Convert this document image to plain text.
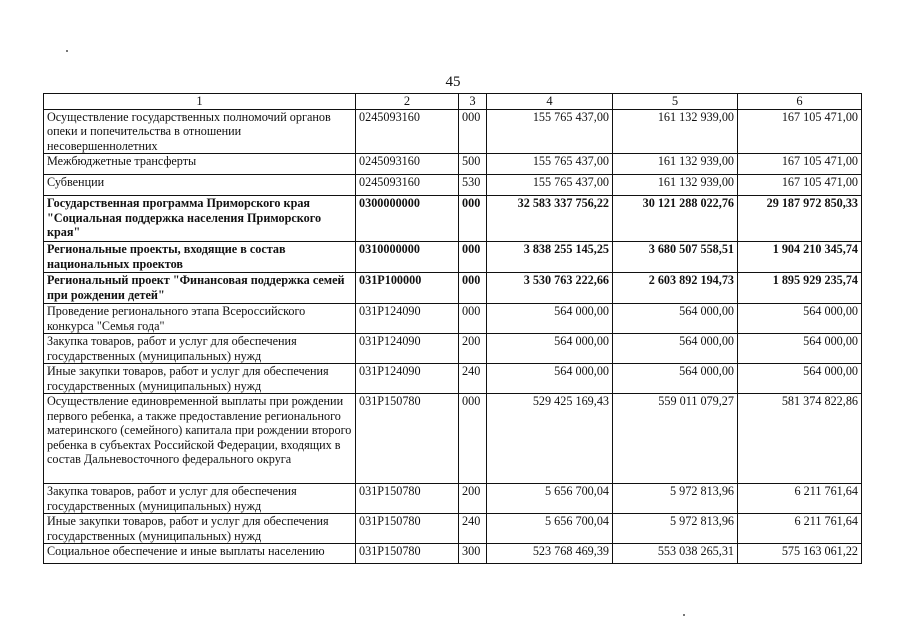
45
1	2	3	4	5	6
Осуществление государственных полномочий органов опеки и попечительства в отношении несовершеннолетних	0245093160	000	155 765 437,00	161 132 939,00	167 105 471,00
Межбюджетные трансферты	0245093160	500	155 765 437,00	161 132 939,00	167 105 471,00
Субвенции	0245093160	530	155 765 437,00	161 132 939,00	167 105 471,00
Государственная программа Приморского края "Социальная поддержка населения Приморского края"	0300000000	000	32 583 337 756,22	30 121 288 022,76	29 187 972 850,33
Региональные проекты, входящие в состав национальных проектов	0310000000	000	3 838 255 145,25	3 680 507 558,51	1 904 210 345,74
Региональный проект "Финансовая поддержка семей при рождении детей"	031P100000	000	3 530 763 222,66	2 603 892 194,73	1 895 929 235,74
Проведение регионального этапа Всероссийского конкурса "Семья года"	031P124090	000	564 000,00	564 000,00	564 000,00
Закупка товаров, работ и услуг для обеспечения государственных (муниципальных) нужд	031P124090	200	564 000,00	564 000,00	564 000,00
Иные закупки товаров, работ и услуг для обеспечения государственных (муниципальных) нужд	031P124090	240	564 000,00	564 000,00	564 000,00
Осуществление единовременной выплаты при рождении первого ребенка, а также предоставление регионального материнского (семейного) капитала при рождении второго ребенка в субъектах Российской Федерации, входящих в состав Дальневосточного федерального округа	031P150780	000	529 425 169,43	559 011 079,27	581 374 822,86
Закупка товаров, работ и услуг для обеспечения государственных (муниципальных) нужд	031P150780	200	5 656 700,04	5 972 813,96	6 211 761,64
Иные закупки товаров, работ и услуг для обеспечения государственных (муниципальных) нужд	031P150780	240	5 656 700,04	5 972 813,96	6 211 761,64
Социальное обеспечение и иные выплаты населению	031P150780	300	523 768 469,39	553 038 265,31	575 163 061,22
